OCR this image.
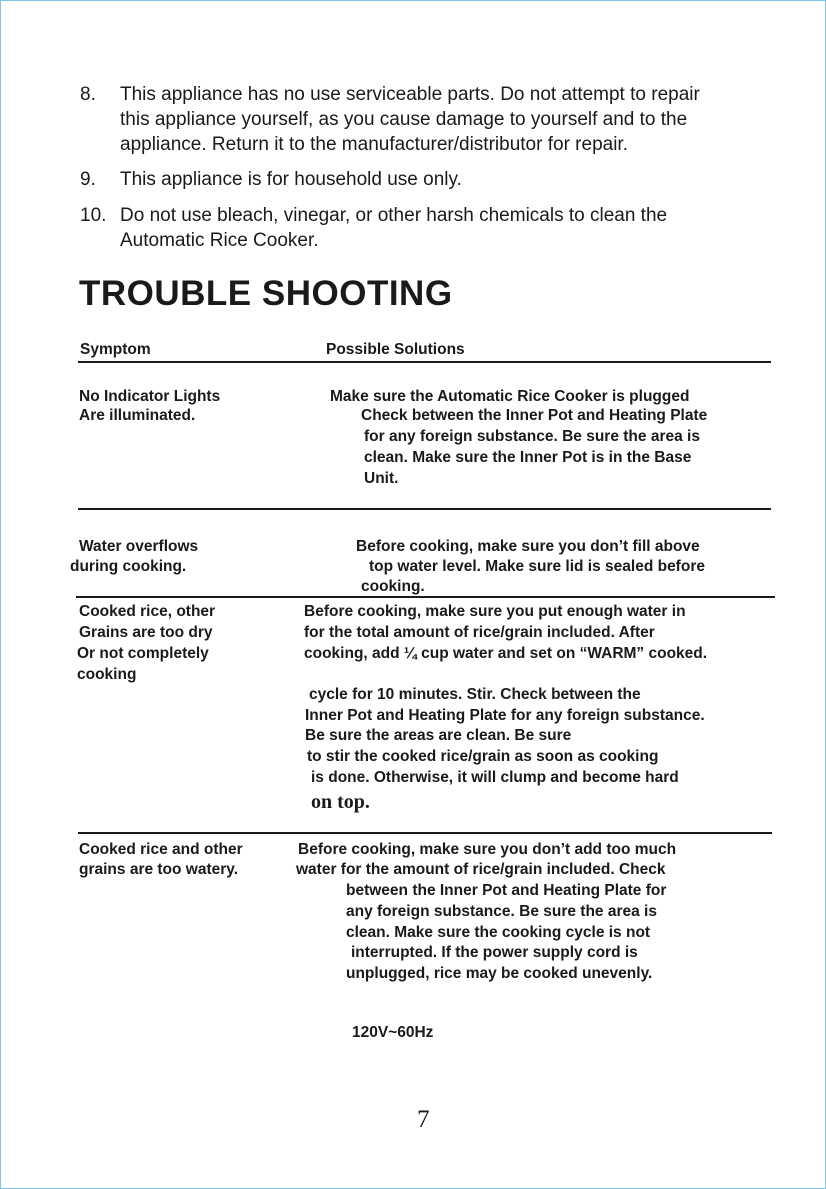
8. This appliance has no use serviceable parts. Do not attempt to repair
this appliance yourself, as you cause damage to yourself and to the
appliance. Return it to the manufacturer/distributor for repair.
9. This appliance is for household use only.
10. Do not use bleach, vinegar, or other harsh chemicals to clean the
Automatic Rice Cooker.
TROUBLE SHOOTING
Symptom	Possible Solutions
No Indicator Lights
Are illuminated.
Make sure the Automatic Rice Cooker is plugged
Check between the Inner Pot and Heating Plate
for any foreign substance. Be sure the area is
clean. Make sure the Inner Pot is in the Base
Unit.
Water overflows
during cooking.
Before cooking, make sure you don’t fill above
top water level. Make sure lid is sealed before
cooking.
Cooked rice, other
Grains are too dry
Or not completely
cooking
Before cooking, make sure you put enough water in
for the total amount of rice/grain included. After
cooking, add ¼ cup water and set on “WARM” cooked.
cycle for 10 minutes. Stir. Check between the
Inner Pot and Heating Plate for any foreign substance.
Be sure the areas are clean. Be sure
to stir the cooked rice/grain as soon as cooking
is done. Otherwise, it will clump and become hard
on top.
Cooked rice and other
grains are too watery.
Before cooking, make sure you don’t add too much
water for the amount of rice/grain included. Check
between the Inner Pot and Heating Plate for
any foreign substance. Be sure the area is
clean. Make sure the cooking cycle is not
interrupted. If the power supply cord is
unplugged, rice may be cooked unevenly.
120V~60Hz
7
